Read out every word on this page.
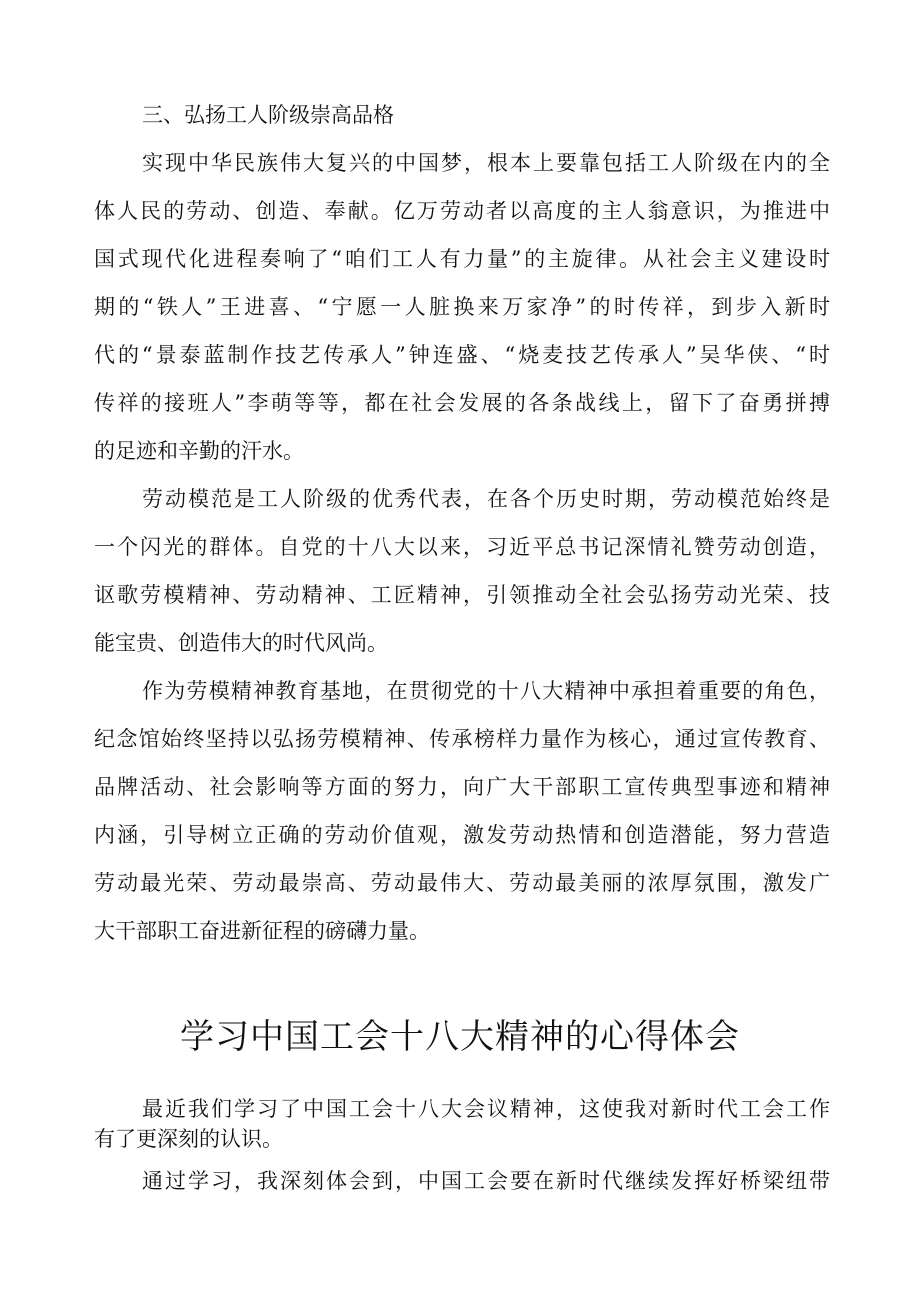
三、弘扬工人阶级崇高品格

实现中华民族伟大复兴的中国梦，根本上要靠包括工人阶级在内的全

体人民的劳动、创造、奉献。亿万劳动者以高度的主人翁意识，为推进中

国式现代化进程奏响了“咱们工人有力量”的主旋律。从社会主义建设时

期的“铁人”王进喜、“宁愿一人脏换来万家净”的时传祥，到步入新时

代的“景泰蓝制作技艺传承人”钟连盛、“烧麦技艺传承人”吴华侠、“时

传祥的接班人”李萌等等，都在社会发展的各条战线上，留下了奋勇拼搏

的足迹和辛勤的汗水。

劳动模范是工人阶级的优秀代表，在各个历史时期，劳动模范始终是

一个闪光的群体。自党的十八大以来，习近平总书记深情礼赞劳动创造，

讴歌劳模精神、劳动精神、工匠精神，引领推动全社会弘扬劳动光荣、技

能宝贵、创造伟大的时代风尚。

作为劳模精神教育基地，在贯彻党的十八大精神中承担着重要的角色，

纪念馆始终坚持以弘扬劳模精神、传承榜样力量作为核心，通过宣传教育、

品牌活动、社会影响等方面的努力，向广大干部职工宣传典型事迹和精神

内涵，引导树立正确的劳动价值观，激发劳动热情和创造潜能，努力营造

劳动最光荣、劳动最崇高、劳动最伟大、劳动最美丽的浓厚氛围，激发广

大干部职工奋进新征程的磅礴力量。

学习中国工会十八大精神的心得体会

最近我们学习了中国工会十八大会议精神，这使我对新时代工会工作

有了更深刻的认识。

通过学习，我深刻体会到，中国工会要在新时代继续发挥好桥梁纽带
